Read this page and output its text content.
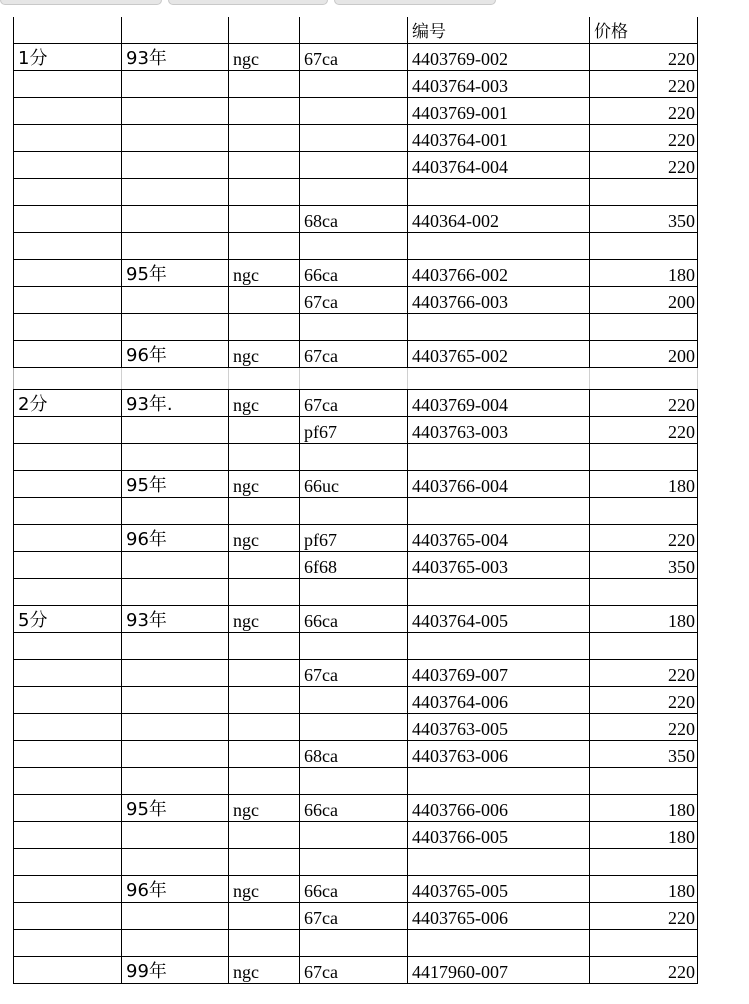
				编号	价格
1分	93年	ngc	67ca	4403769-002	220
				4403764-003	220
				4403769-001	220
				4403764-001	220
				4403764-004	220

			68ca	440364-002	350

	95年	ngc	66ca	4403766-002	180
			67ca	4403766-003	200

	96年	ngc	67ca	4403765-002	200

2分	93年.	ngc	67ca	4403769-004	220
			pf67	4403763-003	220

	95年	ngc	66uc	4403766-004	180

	96年	ngc	pf67	4403765-004	220
			6f68	4403765-003	350

5分	93年	ngc	66ca	4403764-005	180

			67ca	4403769-007	220
				4403764-006	220
				4403763-005	220
			68ca	4403763-006	350

	95年	ngc	66ca	4403766-006	180
				4403766-005	180

	96年	ngc	66ca	4403765-005	180
			67ca	4403765-006	220

	99年	ngc	67ca	4417960-007	220
